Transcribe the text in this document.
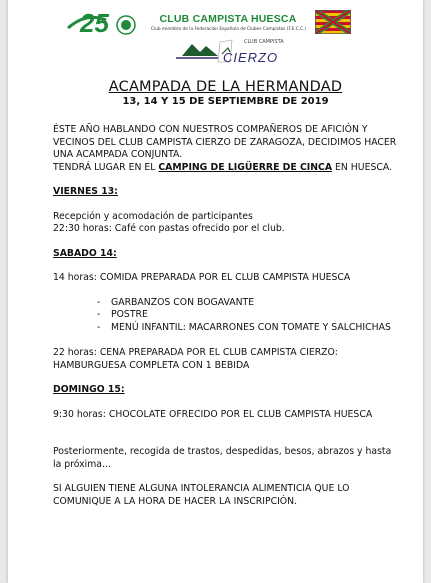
25	CLUB CAMPISTA HUESCA
Club miembro de la Federación Española de Clubes Campistas (F.E.C.C.)
CLUB CAMPISTA
CIERZO
ACAMPADA DE LA HERMANDAD
13, 14 Y 15 DE SEPTIEMBRE DE 2019

ÉSTE AÑO HABLANDO CON NUESTROS COMPAÑEROS DE AFICIÓN Y VECINOS DEL CLUB CAMPISTA CIERZO DE ZARAGOZA, DECIDIMOS HACER UNA ACAMPADA CONJUNTA.

TENDRÁ LUGAR EN EL CAMPING DE LIGÜERRE DE CINCA EN HUESCA.

VIERNES 13:

Recepción y acomodación de participantes

22:30 horas: Café con pastas ofrecido por el club.

SABADO 14:

14 horas: COMIDA PREPARADA POR EL CLUB CAMPISTA HUESCA

- GARBANZOS CON BOGAVANTE
- POSTRE
- MENÚ INFANTIL: MACARRONES CON TOMATE Y SALCHICHAS

22 horas: CENA PREPARADA POR EL CLUB CAMPISTA CIERZO: HAMBURGUESA COMPLETA CON 1 BEBIDA

DOMINGO 15:

9:30 horas: CHOCOLATE OFRECIDO POR EL CLUB CAMPISTA HUESCA

Posteriormente, recogida de trastos, despedidas, besos, abrazos y hasta la próxima...

SI ALGUIEN TIENE ALGUNA INTOLERANCIA ALIMENTICIA QUE LO COMUNIQUE A LA HORA DE HACER LA INSCRIPCIÓN.
